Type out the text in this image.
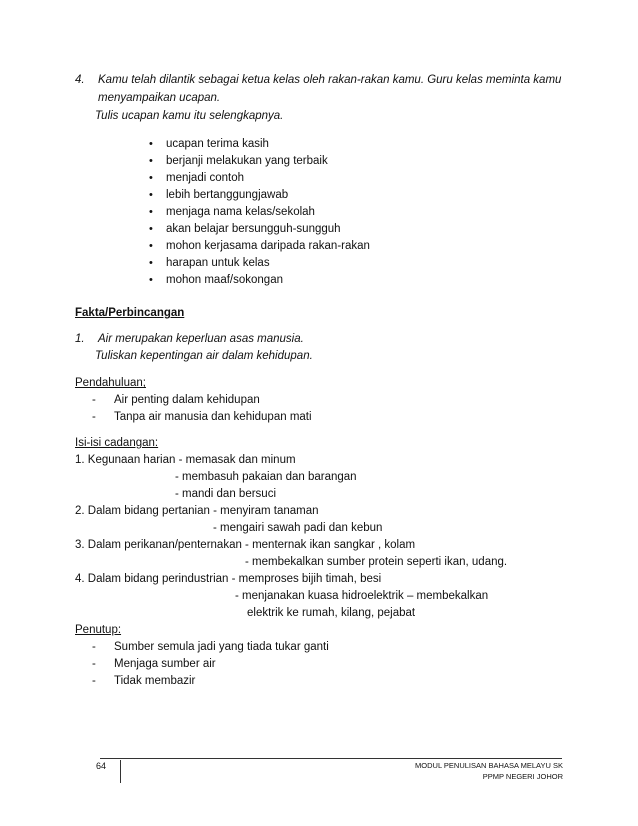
4. Kamu telah dilantik sebagai ketua kelas oleh rakan-rakan kamu. Guru kelas meminta kamu
menyampaikan ucapan.
Tulis ucapan kamu itu selengkapnya.
• ucapan terima kasih
• berjanji melakukan yang terbaik
• menjadi contoh
• lebih bertanggungjawab
• menjaga nama kelas/sekolah
• akan belajar bersungguh-sungguh
• mohon kerjasama daripada rakan-rakan
• harapan untuk kelas
• mohon maaf/sokongan
Fakta/Perbincangan
1. Air merupakan keperluan asas manusia.
Tuliskan kepentingan air dalam kehidupan.
Pendahuluan;
- Air penting dalam kehidupan
- Tanpa air manusia dan kehidupan mati
Isi-isi cadangan:
1. Kegunaan harian - memasak dan minum
- membasuh pakaian dan barangan
- mandi dan bersuci
2. Dalam bidang pertanian - menyiram tanaman
- mengairi sawah padi dan kebun
3. Dalam perikanan/penternakan - menternak ikan sangkar , kolam
- membekalkan sumber protein seperti ikan, udang.
4. Dalam bidang perindustrian - memproses bijih timah, besi
- menjanakan kuasa hidroelektrik – membekalkan
elektrik ke rumah, kilang, pejabat
Penutup:
- Sumber semula jadi yang tiada tukar ganti
- Menjaga sumber air
- Tidak membazir
64	MODUL PENULISAN BAHASA MELAYU SK
PPMP NEGERI JOHOR
